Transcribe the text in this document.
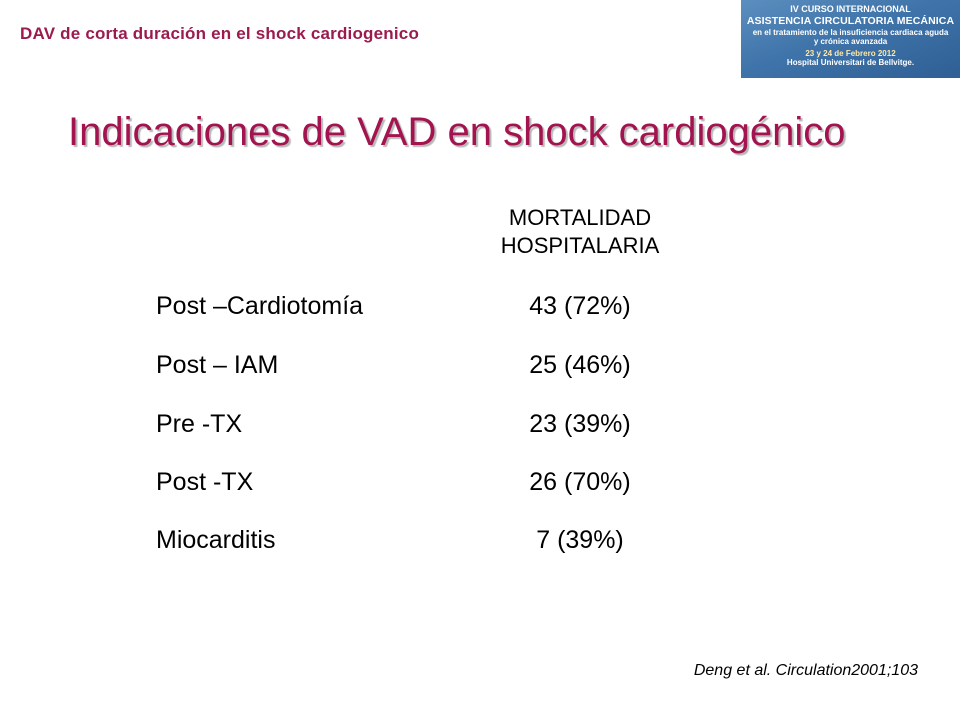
DAV de corta duración en el shock cardiogenico
IV CURSO INTERNACIONAL
ASISTENCIA CIRCULATORIA MECÁNICA
en el tratamiento de la insuficiencia cardiaca aguda
y crónica avanzada
23 y 24 de Febrero 2012
Hospital Universitari de Bellvitge.
Indicaciones de VAD en shock cardiogénico
MORTALIDAD
HOSPITALARIA
Post –Cardiotomía	43 (72%)
Post – IAM	25 (46%)
Pre -TX	23 (39%)
Post -TX	26 (70%)
Miocarditis	7 (39%)
Deng et al. Circulation2001;103
